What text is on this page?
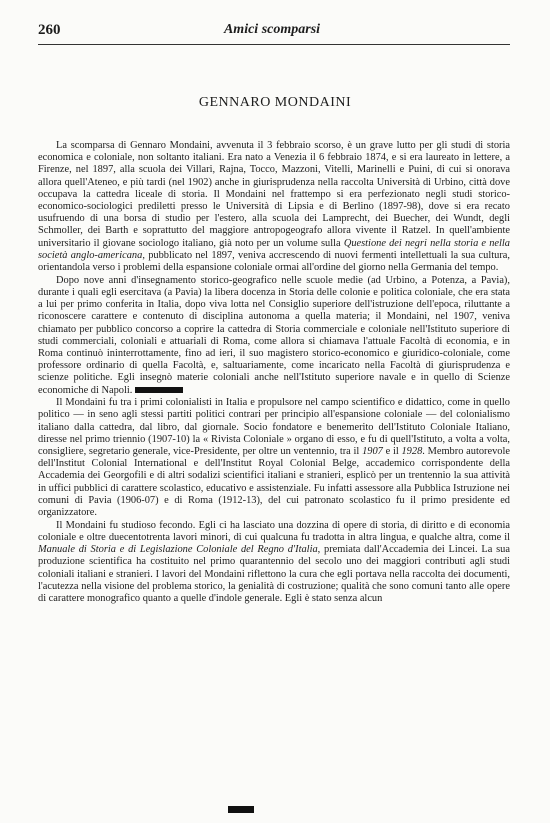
260	Amici scomparsi
GENNARO MONDAINI

La scomparsa di Gennaro Mondaini, avvenuta il 3 febbraio scorso, è un grave lutto per gli studi di storia economica e coloniale, non soltanto italiani. Era nato a Venezia il 6 febbraio 1874, e si era laureato in lettere, a Firenze, nel 1897, alla scuola dei Villari, Rajna, Tocco, Mazzoni, Vitelli, Marinelli e Puini, di cui si onorava allora quell'Ateneo, e più tardi (nel 1902) anche in giurisprudenza nella raccolta Università di Urbino, città dove occupava la cattedra liceale di storia. Il Mondaini nel frattempo si era perfezionato negli studi storico-economico-sociologici prediletti presso le Università di Lipsia e di Berlino (1897-98), dove si era recato usufruendo di una borsa di studio per l'estero, alla scuola dei Lamprecht, dei Buecher, dei Wundt, degli Schmoller, dei Barth e soprattutto del maggiore antropogeografo allora vivente il Ratzel. In quell'ambiente universitario il giovane sociologo italiano, già noto per un volume sulla Questione dei negri nella storia e nella società anglo-americana, pubblicato nel 1897, veniva accrescendo di nuovi fermenti intellettuali la sua cultura, orientandola verso i problemi della espansione coloniale ormai all'ordine del giorno nella Germania del tempo.

Dopo nove anni d'insegnamento storico-geografico nelle scuole medie (ad Urbino, a Potenza, a Pavia), durante i quali egli esercitava (a Pavia) la libera docenza in Storia delle colonie e politica coloniale, che era stata a lui per primo conferita in Italia, dopo viva lotta nel Consiglio superiore dell'istruzione dell'epoca, riluttante a riconoscere carattere e contenuto di disciplina autonoma a quella materia; il Mondaini, nel 1907, veniva chiamato per pubblico concorso a coprire la cattedra di Storia commerciale e coloniale nell'Istituto superiore di studi commerciali, coloniali e attuariali di Roma, come allora si chiamava l'attuale Facoltà di economia, e in Roma continuò ininterrottamente, fino ad ieri, il suo magistero storico-economico e giuridico-coloniale, come professore ordinario di quella Facoltà, e, saltuariamente, come incaricato nella Facoltà di giurisprudenza e scienze politiche. Egli insegnò materie coloniali anche nell'Istituto superiore navale e in quello di Scienze economiche di Napoli.

Il Mondaini fu tra i primi colonialisti in Italia e propulsore nel campo scientifico e didattico, come in quello politico — in seno agli stessi partiti politici contrari per principio all'espansione coloniale — del colonialismo italiano dalla cattedra, dal libro, dal giornale. Socio fondatore e benemerito dell'Istituto Coloniale Italiano, diresse nel primo triennio (1907-10) la « Rivista Coloniale » organo di esso, e fu di quell'Istituto, a volta a volta, consigliere, segretario generale, vice-Presidente, per oltre un ventennio, tra il 1907 e il 1928. Membro autorevole dell'Institut Colonial International e dell'Institut Royal Colonial Belge, accademico corrispondente della Accademia dei Georgofili e di altri sodalizi scientifici italiani e stranieri, esplicò per un trentennio la sua attività in uffici pubblici di carattere scolastico, educativo e assistenziale. Fu infatti assessore alla Pubblica Istruzione nei comuni di Pavia (1906-07) e di Roma (1912-13), del cui patronato scolastico fu il primo presidente ed organizzatore.

Il Mondaini fu studioso fecondo. Egli ci ha lasciato una dozzina di opere di storia, di diritto e di economia coloniale e oltre duecentotrenta lavori minori, di cui qualcuna fu tradotta in altra lingua, e qualche altra, come il Manuale di Storia e di Legislazione Coloniale del Regno d'Italia, premiata dall'Accademia dei Lincei. La sua produzione scientifica ha costituito nel primo quarantennio del secolo uno dei maggiori contributi agli studi coloniali italiani e stranieri. I lavori del Mondaini riflettono la cura che egli portava nella raccolta dei documenti, l'acutezza nella visione del problema storico, la genialità di costruzione; qualità che sono comuni tanto alle opere di carattere monografico quanto a quelle d'indole generale. Egli è stato senza alcun
